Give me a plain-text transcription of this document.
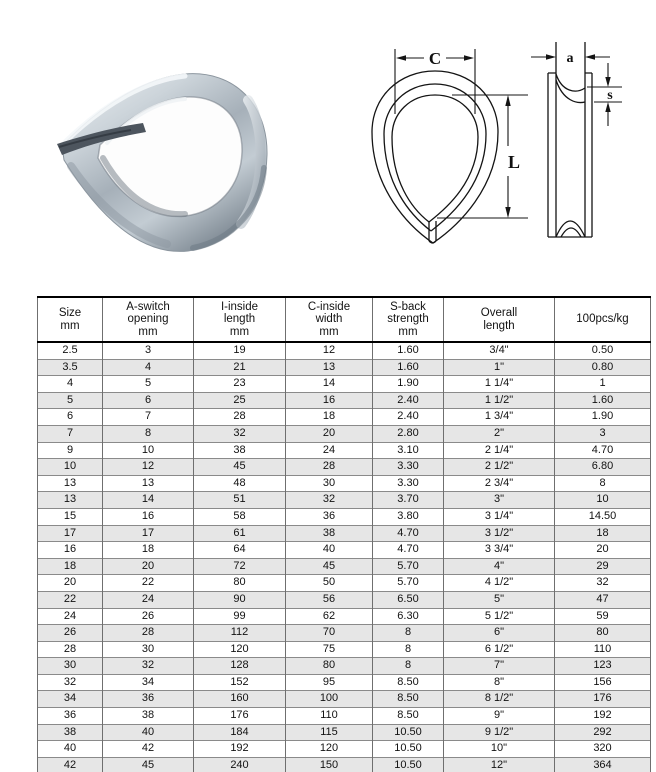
C
L
a
s
Size
mm

A-switch
opening
mm

I-inside
length
mm

C-inside
width
mm

S-back
strength
mm

Overall
length

100pcs/kg

2.5	3	19	12	1.60	3/4"	0.50
3.5	4	21	13	1.60	1"	0.80
4	5	23	14	1.90	1 1/4"	1
5	6	25	16	2.40	1 1/2"	1.60
6	7	28	18	2.40	1 3/4"	1.90
7	8	32	20	2.80	2"	3
9	10	38	24	3.10	2 1/4"	4.70
10	12	45	28	3.30	2 1/2"	6.80
13	13	48	30	3.30	2 3/4"	8
13	14	51	32	3.70	3"	10
15	16	58	36	3.80	3 1/4"	14.50
17	17	61	38	4.70	3 1/2"	18
16	18	64	40	4.70	3 3/4"	20
18	20	72	45	5.70	4"	29
20	22	80	50	5.70	4 1/2"	32
22	24	90	56	6.50	5"	47
24	26	99	62	6.30	5 1/2"	59
26	28	112	70	8	6"	80
28	30	120	75	8	6 1/2"	110
30	32	128	80	8	7"	123
32	34	152	95	8.50	8"	156
34	36	160	100	8.50	8 1/2"	176
36	38	176	110	8.50	9"	192
38	40	184	115	10.50	9 1/2"	292
40	42	192	120	10.50	10"	320
42	45	240	150	10.50	12"	364
